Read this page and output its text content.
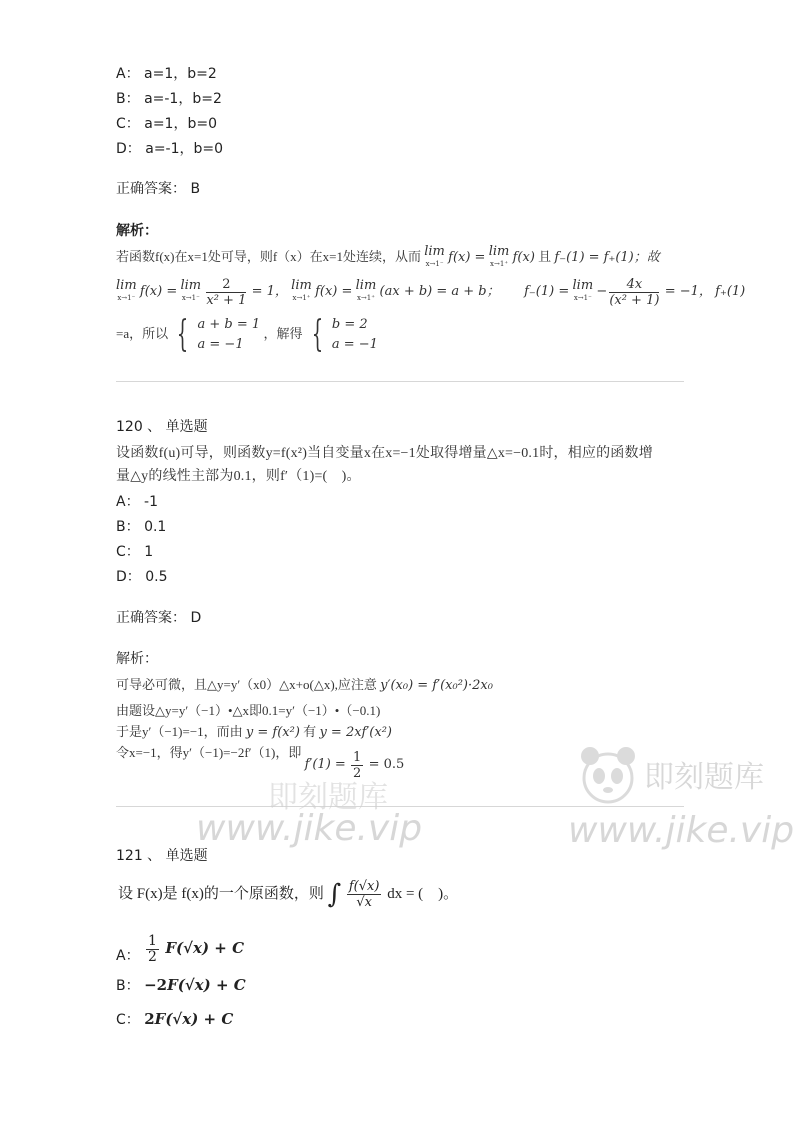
A： a=1，b=2
B： a=-1，b=2
C： a=1，b=0
D： a=-1，b=0
正确答案： B
解析：
若函数f(x)在x=1处可导，则f（x）在x=1处连续，从而 lim
x→1⁻ f(x) = lim
x→1⁺ f(x) 且 f₋(1) = f₊(1)；故
lim
x→1⁻ f(x) = lim
x→1⁻
$\frac{2}{\text{x² + 1}} = 1$， lim
x→1⁺ f(x) = lim
x→1⁺ (ax + b) = a + b； f₋(1) = lim
$x\to 1^- - \frac{4x}{\text{(x² + 1)}} = -1$， f₊(1)
=a，所以 { a + b = 1
a = −1
，解得 { b = 2
a = −1
120 、 单选题
设函数f(u)可导，则函数y=f(x²)当自变量x在x=−1处取得增量△x=−0.1时，相应的函数增
量△y的线性主部为0.1，则f′（1)=(　)。
A： -1
B： 0.1
C： 1
D： 0.5
正确答案： D
解析：
可导必可微，且△y=y′（x0）△x+o(△x),应注意 y′(x₀) = f′(x₀²)·2x₀
由题设△y=y′（−1）•△x即0.1=y′（−1）•（−0.1)
于是y′（−1)=−1，而由 y = f(x²) 有 y = 2xf′(x²)
令x=−1，得y′（−1)=−2f′（1)，即 $f'(1) = \frac{1}{2} = 0.5$	即刻题库
即刻题库
www.jike.vip	www.jike.vip
121 、 单选题
设 F(x)是 f(x)的一个原函数，则 ∫ $\frac{f(√x)}{√x}$ dx = (　)。
A： $\frac{1}{2} F(√x) + C$
B： −2F(√x) + C
C： 2F(√x) + C
